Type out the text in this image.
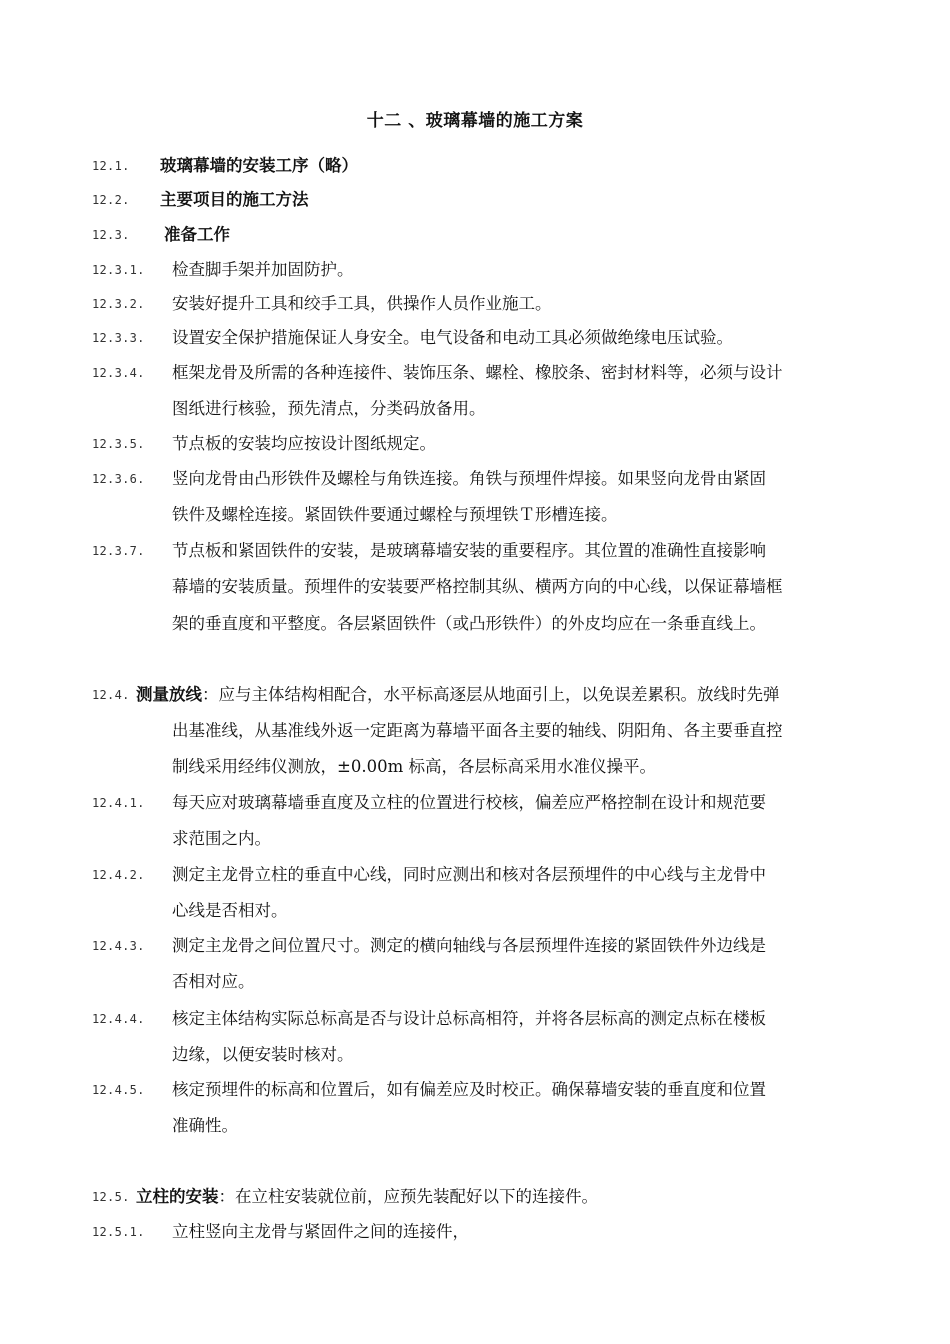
十二 、玻璃幕墙的施工方案
12.1. 玻璃幕墙的安装工序（略）
12.2. 主要项目的施工方法
12.3. 准备工作
12.3.1. 检查脚手架并加固防护。
12.3.2. 安装好提升工具和绞手工具，供操作人员作业施工。
12.3.3. 设置安全保护措施保证人身安全。电气设备和电动工具必须做绝缘电压试验。
12.3.4. 框架龙骨及所需的各种连接件、装饰压条、螺栓、橡胶条、密封材料等，必须与设计
图纸进行核验，预先清点，分类码放备用。
12.3.5. 节点板的安装均应按设计图纸规定。
12.3.6. 竖向龙骨由凸形铁件及螺栓与角铁连接。角铁与预埋件焊接。如果竖向龙骨由紧固
铁件及螺栓连接。紧固铁件要通过螺栓与预埋铁Ｔ形槽连接。
12.3.7. 节点板和紧固铁件的安装，是玻璃幕墙安装的重要程序。其位置的准确性直接影响
幕墙的安装质量。预埋件的安装要严格控制其纵、横两方向的中心线，以保证幕墙框
架的垂直度和平整度。各层紧固铁件（或凸形铁件）的外皮均应在一条垂直线上。
12.4. 测量放线：应与主体结构相配合，水平标高逐层从地面引上，以免误差累积。放线时先弹
出基准线，从基准线外返一定距离为幕墙平面各主要的轴线、阴阳角、各主要垂直控
制线采用经纬仪测放，±0.00m 标高，各层标高采用水准仪操平。
12.4.1. 每天应对玻璃幕墙垂直度及立柱的位置进行校核，偏差应严格控制在设计和规范要
求范围之内。
12.4.2. 测定主龙骨立柱的垂直中心线，同时应测出和核对各层预埋件的中心线与主龙骨中
心线是否相对。
12.4.3. 测定主龙骨之间位置尺寸。测定的横向轴线与各层预埋件连接的紧固铁件外边线是
否相对应。
12.4.4. 核定主体结构实际总标高是否与设计总标高相符，并将各层标高的测定点标在楼板
边缘，以便安装时核对。
12.4.5. 核定预埋件的标高和位置后，如有偏差应及时校正。确保幕墙安装的垂直度和位置
准确性。
12.5. 立柱的安装：在立柱安装就位前，应预先装配好以下的连接件。
12.5.1. 立柱竖向主龙骨与紧固件之间的连接件，
